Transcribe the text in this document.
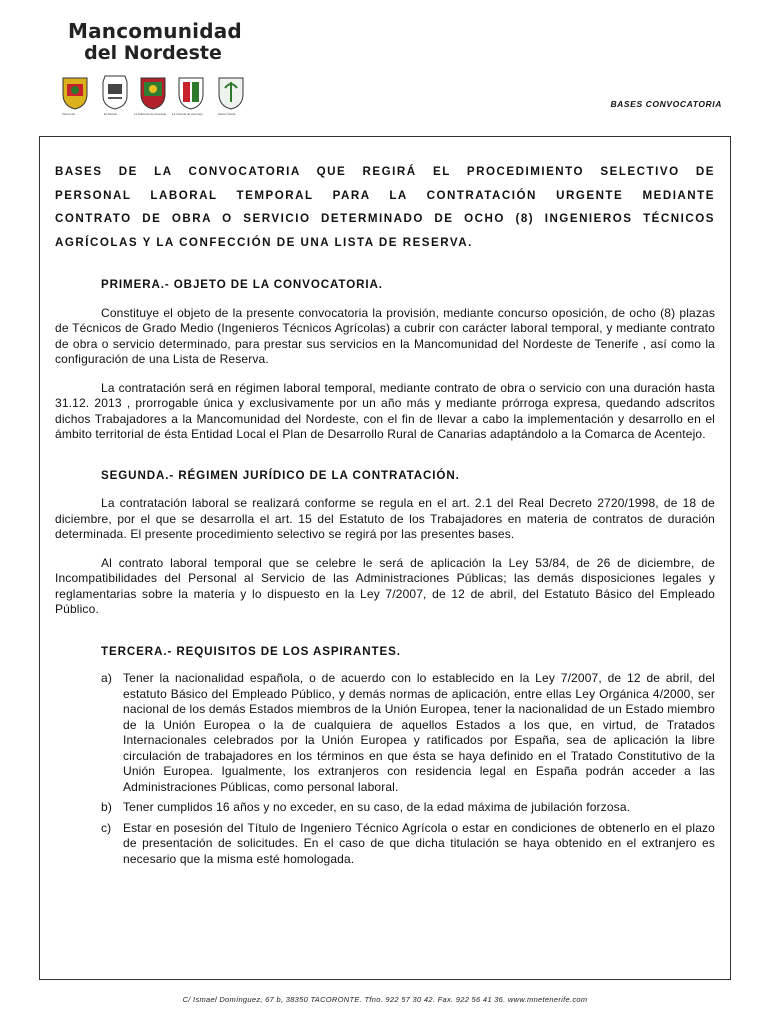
Mancomunidad
del Nordeste
Tacoronte	El Sauzal	La Matanza de Acentejo La Victoria de Acentejo	Santa Úrsula
BASES CONVOCATORIA
BASES DE LA CONVOCATORIA QUE REGIRÁ EL PROCEDIMIENTO SELECTIVO DE
PERSONAL LABORAL TEMPORAL PARA LA CONTRATACIÓN URGENTE MEDIANTE
CONTRATO DE OBRA O SERVICIO DETERMINADO DE OCHO (8) INGENIEROS TÉCNICOS
AGRÍCOLAS Y LA CONFECCIÓN DE UNA LISTA DE RESERVA.
PRIMERA.- OBJETO DE LA CONVOCATORIA.

Constituye el objeto de la presente convocatoria la provisión, mediante concurso oposición, de ocho (8) plazas de Técnicos de Grado Medio (Ingenieros Técnicos Agrícolas) a cubrir con carácter laboral temporal, y mediante contrato de obra o servicio determinado, para prestar sus servicios en la Mancomunidad del Nordeste de Tenerife , así como la configuración de una Lista de Reserva.

La contratación será en régimen laboral temporal, mediante contrato de obra o servicio con una duración hasta 31.12. 2013 , prorrogable única y exclusivamente por un año más y mediante prórroga expresa, quedando adscritos dichos Trabajadores a la Mancomunidad del Nordeste, con el fin de llevar a cabo la implementación y desarrollo en el ámbito territorial de ésta Entidad Local el Plan de Desarrollo Rural de Canarias adaptándolo a la Comarca de Acentejo.

SEGUNDA.- RÉGIMEN JURÍDICO DE LA CONTRATACIÓN.

La contratación laboral se realizará conforme se regula en el art. 2.1 del Real Decreto 2720/1998, de 18 de diciembre, por el que se desarrolla el art. 15 del Estatuto de los Trabajadores en materia de contratos de duración determinada. El presente procedimiento selectivo se regirá por las presentes bases.

Al contrato laboral temporal que se celebre le será de aplicación la Ley 53/84, de 26 de diciembre, de Incompatibilidades del Personal al Servicio de las Administraciones Públicas; las demás disposiciones legales y reglamentarias sobre la materia y lo dispuesto en la Ley 7/2007, de 12 de abril, del Estatuto Básico del Empleado Público.

TERCERA.- REQUISITOS DE LOS ASPIRANTES.
a) Tener la nacionalidad española, o de acuerdo con lo establecido en la Ley 7/2007, de 12 de abril, del estatuto Básico del Empleado Público, y demás normas de aplicación, entre ellas Ley Orgánica 4/2000, ser nacional de los demás Estados miembros de la Unión Europea, tener la nacionalidad de un Estado miembro de la Unión Europea o la de cualquiera de aquellos Estados a los que, en virtud, de Tratados Internacionales celebrados por la Unión Europea y ratificados por España, sea de aplicación la libre circulación de trabajadores en los términos en que ésta se haya definido en el Tratado Constitutivo de la Unión Europea. Igualmente, los extranjeros con residencia legal en España podrán acceder a las Administraciones Públicas, como personal laboral.
b) Tener cumplidos 16 años y no exceder, en su caso, de la edad máxima de jubilación forzosa.
c) Estar en posesión del Título de Ingeniero Técnico Agrícola o estar en condiciones de obtenerlo en el plazo de presentación de solicitudes. En el caso de que dicha titulación se haya obtenido en el extranjero es necesario que la misma esté homologada.
C/ Ismael Domínguez, 67 b, 38350 TACORONTE. Tfno. 922 57 30 42. Fax. 922 56 41 36. www.mnetenerife.com
